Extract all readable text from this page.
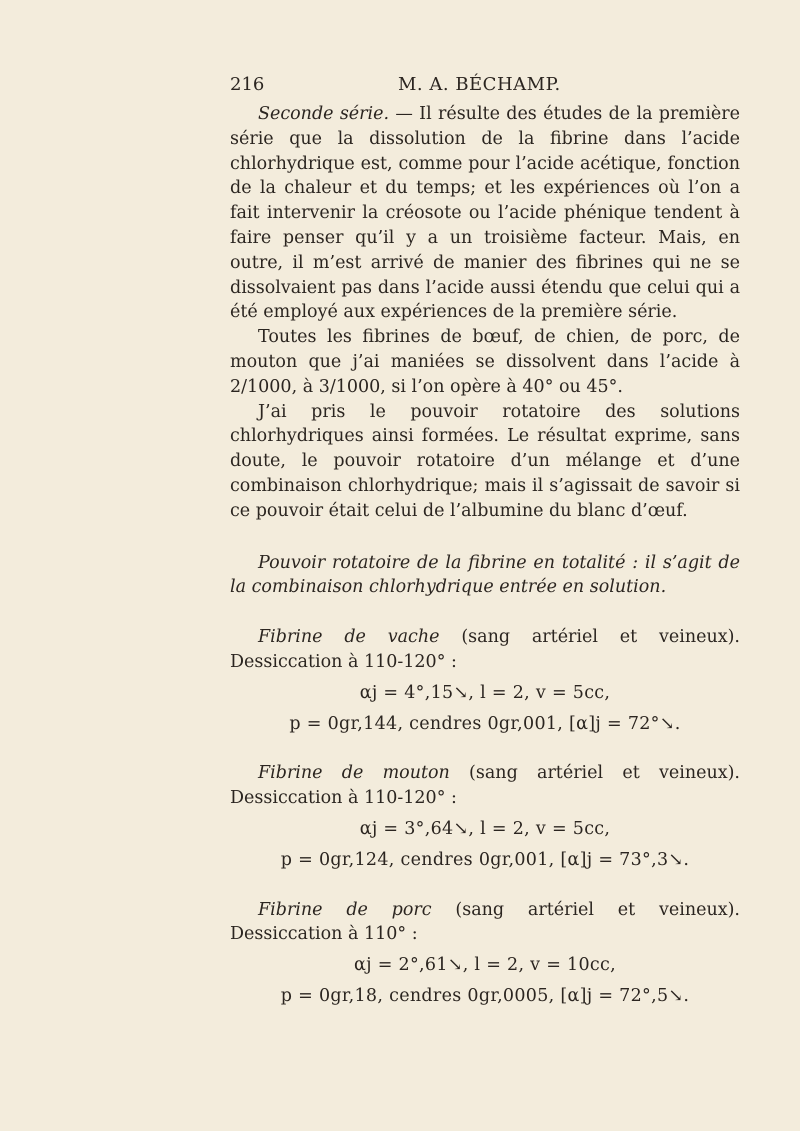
216	M. A. BÉCHAMP.

Seconde série. — Il résulte des études de la première série que la dissolution de la fibrine dans l’acide chlorhydrique est, comme pour l’acide acétique, fonction de la chaleur et du temps; et les expériences où l’on a fait intervenir la créosote ou l’acide phénique tendent à faire penser qu’il y a un troisième facteur. Mais, en outre, il m’est arrivé de manier des fibrines qui ne se dissolvaient pas dans l’acide aussi étendu que celui qui a été employé aux expériences de la première série.

Toutes les fibrines de bœuf, de chien, de porc, de mouton que j’ai maniées se dissolvent dans l’acide à 2/1000, à 3/1000, si l’on opère à 40° ou 45°.

J’ai pris le pouvoir rotatoire des solutions chlorhydriques ainsi formées. Le résultat exprime, sans doute, le pouvoir rotatoire d’un mélange et d’une combinaison chlorhydrique; mais il s’agissait de savoir si ce pouvoir était celui de l’albumine du blanc d’œuf.

Pouvoir rotatoire de la fibrine en totalité : il s’agit de la combinaison chlorhydrique entrée en solution.

Fibrine de vache (sang artériel et veineux). Dessiccation à 110-120° :

αj = 4°,15↘, l = 2, v = 5cc,
p = 0gr,144, cendres 0gr,001, [α]j = 72°↘.

Fibrine de mouton (sang artériel et veineux). Dessiccation à 110-120° :

αj = 3°,64↘, l = 2, v = 5cc,
p = 0gr,124, cendres 0gr,001, [α]j = 73°,3↘.

Fibrine de porc (sang artériel et veineux). Dessiccation à 110° :

αj = 2°,61↘, l = 2, v = 10cc,
p = 0gr,18, cendres 0gr,0005, [α]j = 72°,5↘.
